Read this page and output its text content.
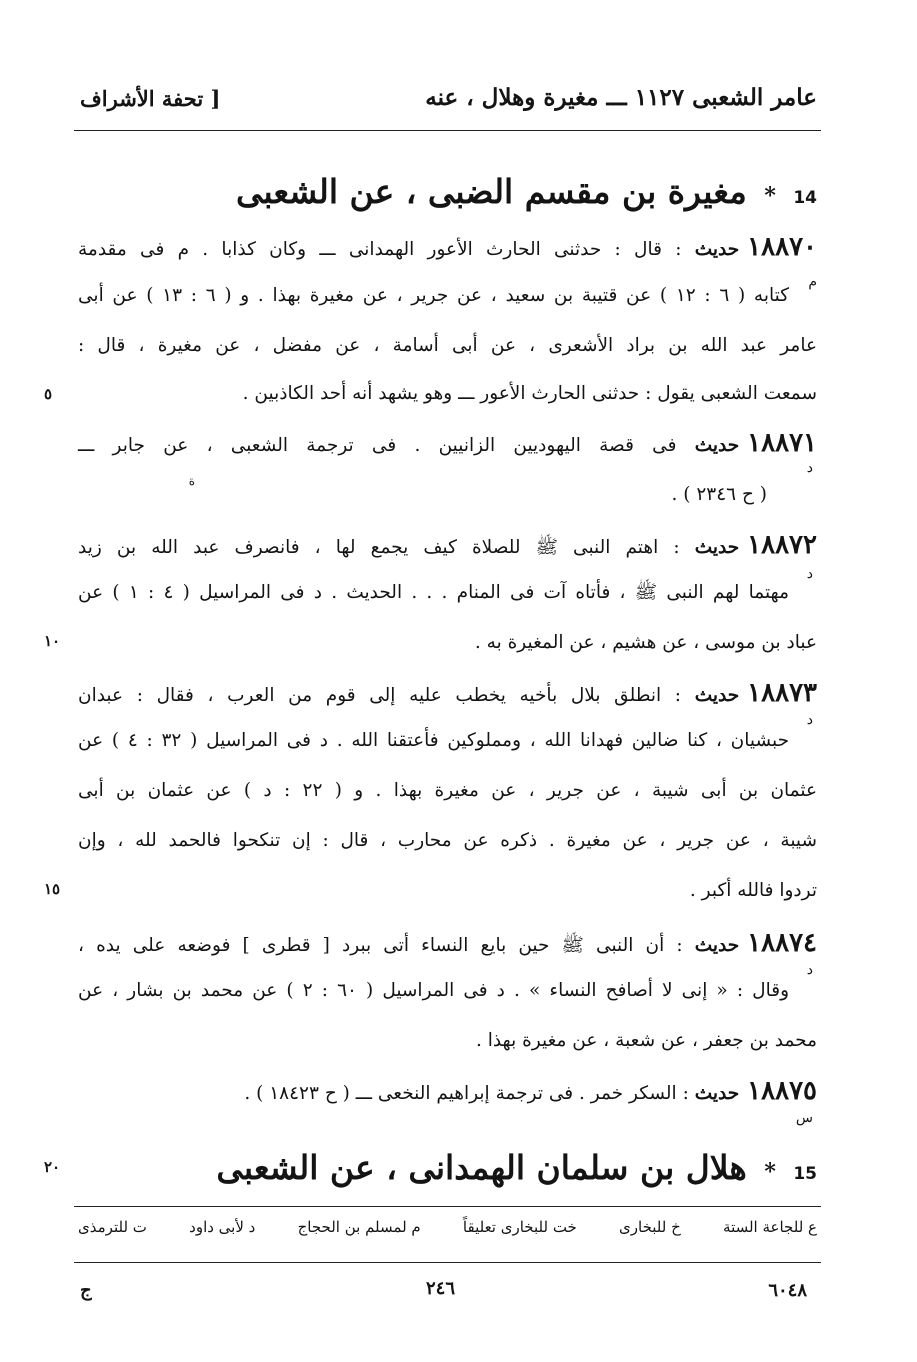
عامر الشعبى ١١٢٧ ـــ مغيرة وهلال ، عنه
[ تحفة الأشراف
14 * مغيرة بن مقسم الضبى ، عن الشعبى
١٨٨٧٠حديث : قال : حدثنى الحارث الأعور الهمدانى ـــ وكان كذابا . م فى مقدمة
م
كتابه ( ٦ : ١٢ ) عن قتيبة بن سعيد ، عن جرير ، عن مغيرة بهذا . و ( ٦ : ١٣ ) عن أبى
عامر عبد الله بن براد الأشعرى ، عن أبى أسامة ، عن مفضل ، عن مغيرة ، قال :
سمعت الشعبى يقول : حدثنى الحارث الأعور ـــ وهو يشهد أنه أحد الكاذبين .
٥
١٨٨٧١حديث فى قصة اليهوديين الزانيين . فى ترجمة الشعبى ، عن جابر ـــ
د
ة
( ح ٢٣٤٦ ) .
١٨٨٧٢حديث : اهتم النبى ﷺ للصلاة كيف يجمع لها ، فانصرف عبد الله بن زيد
د
مهتما لهم النبى ﷺ ، فأتاه آت فى المنام . . . الحديث . د فى المراسيل ( ٤ : ١ ) عن
عباد بن موسى ، عن هشيم ، عن المغيرة به .
١٠
١٨٨٧٣حديث : انطلق بلال بأخيه يخطب عليه إلى قوم من العرب ، فقال : عبدان
د
حبشيان ، كنا ضالين فهدانا الله ، ومملوكين فأعتقنا الله . د فى المراسيل ( ٣٢ : ٤ ) عن
عثمان بن أبى شيبة ، عن جرير ، عن مغيرة بهذا . و ( ٢٢ : د ) عن عثمان بن أبى
شيبة ، عن جرير ، عن مغيرة . ذكره عن محارب ، قال : إن تنكحوا فالحمد لله ، وإن
تردوا فالله أكبر .
١٥
١٨٨٧٤حديث : أن النبى ﷺ حين بايع النساء أتى ببرد [ قطرى ] فوضعه على يده ،
د
وقال : « إنى لا أصافح النساء » . د فى المراسيل ( ٦٠ : ٢ ) عن محمد بن بشار ، عن
محمد بن جعفر ، عن شعبة ، عن مغيرة بهذا .
١٨٨٧٥حديث : السكر خمر . فى ترجمة إبراهيم النخعى ـــ ( ح ١٨٤٢٣ ) .
س
15 * هلال بن سلمان الهمدانى ، عن الشعبى
٢٠
ع للجاعة الستة
خ للبخارى
خت للبخارى تعليقاً
م لمسلم بن الحجاج
د لأبى داود
ت للترمذى
٦٠٤٨
٢٤٦
ج
